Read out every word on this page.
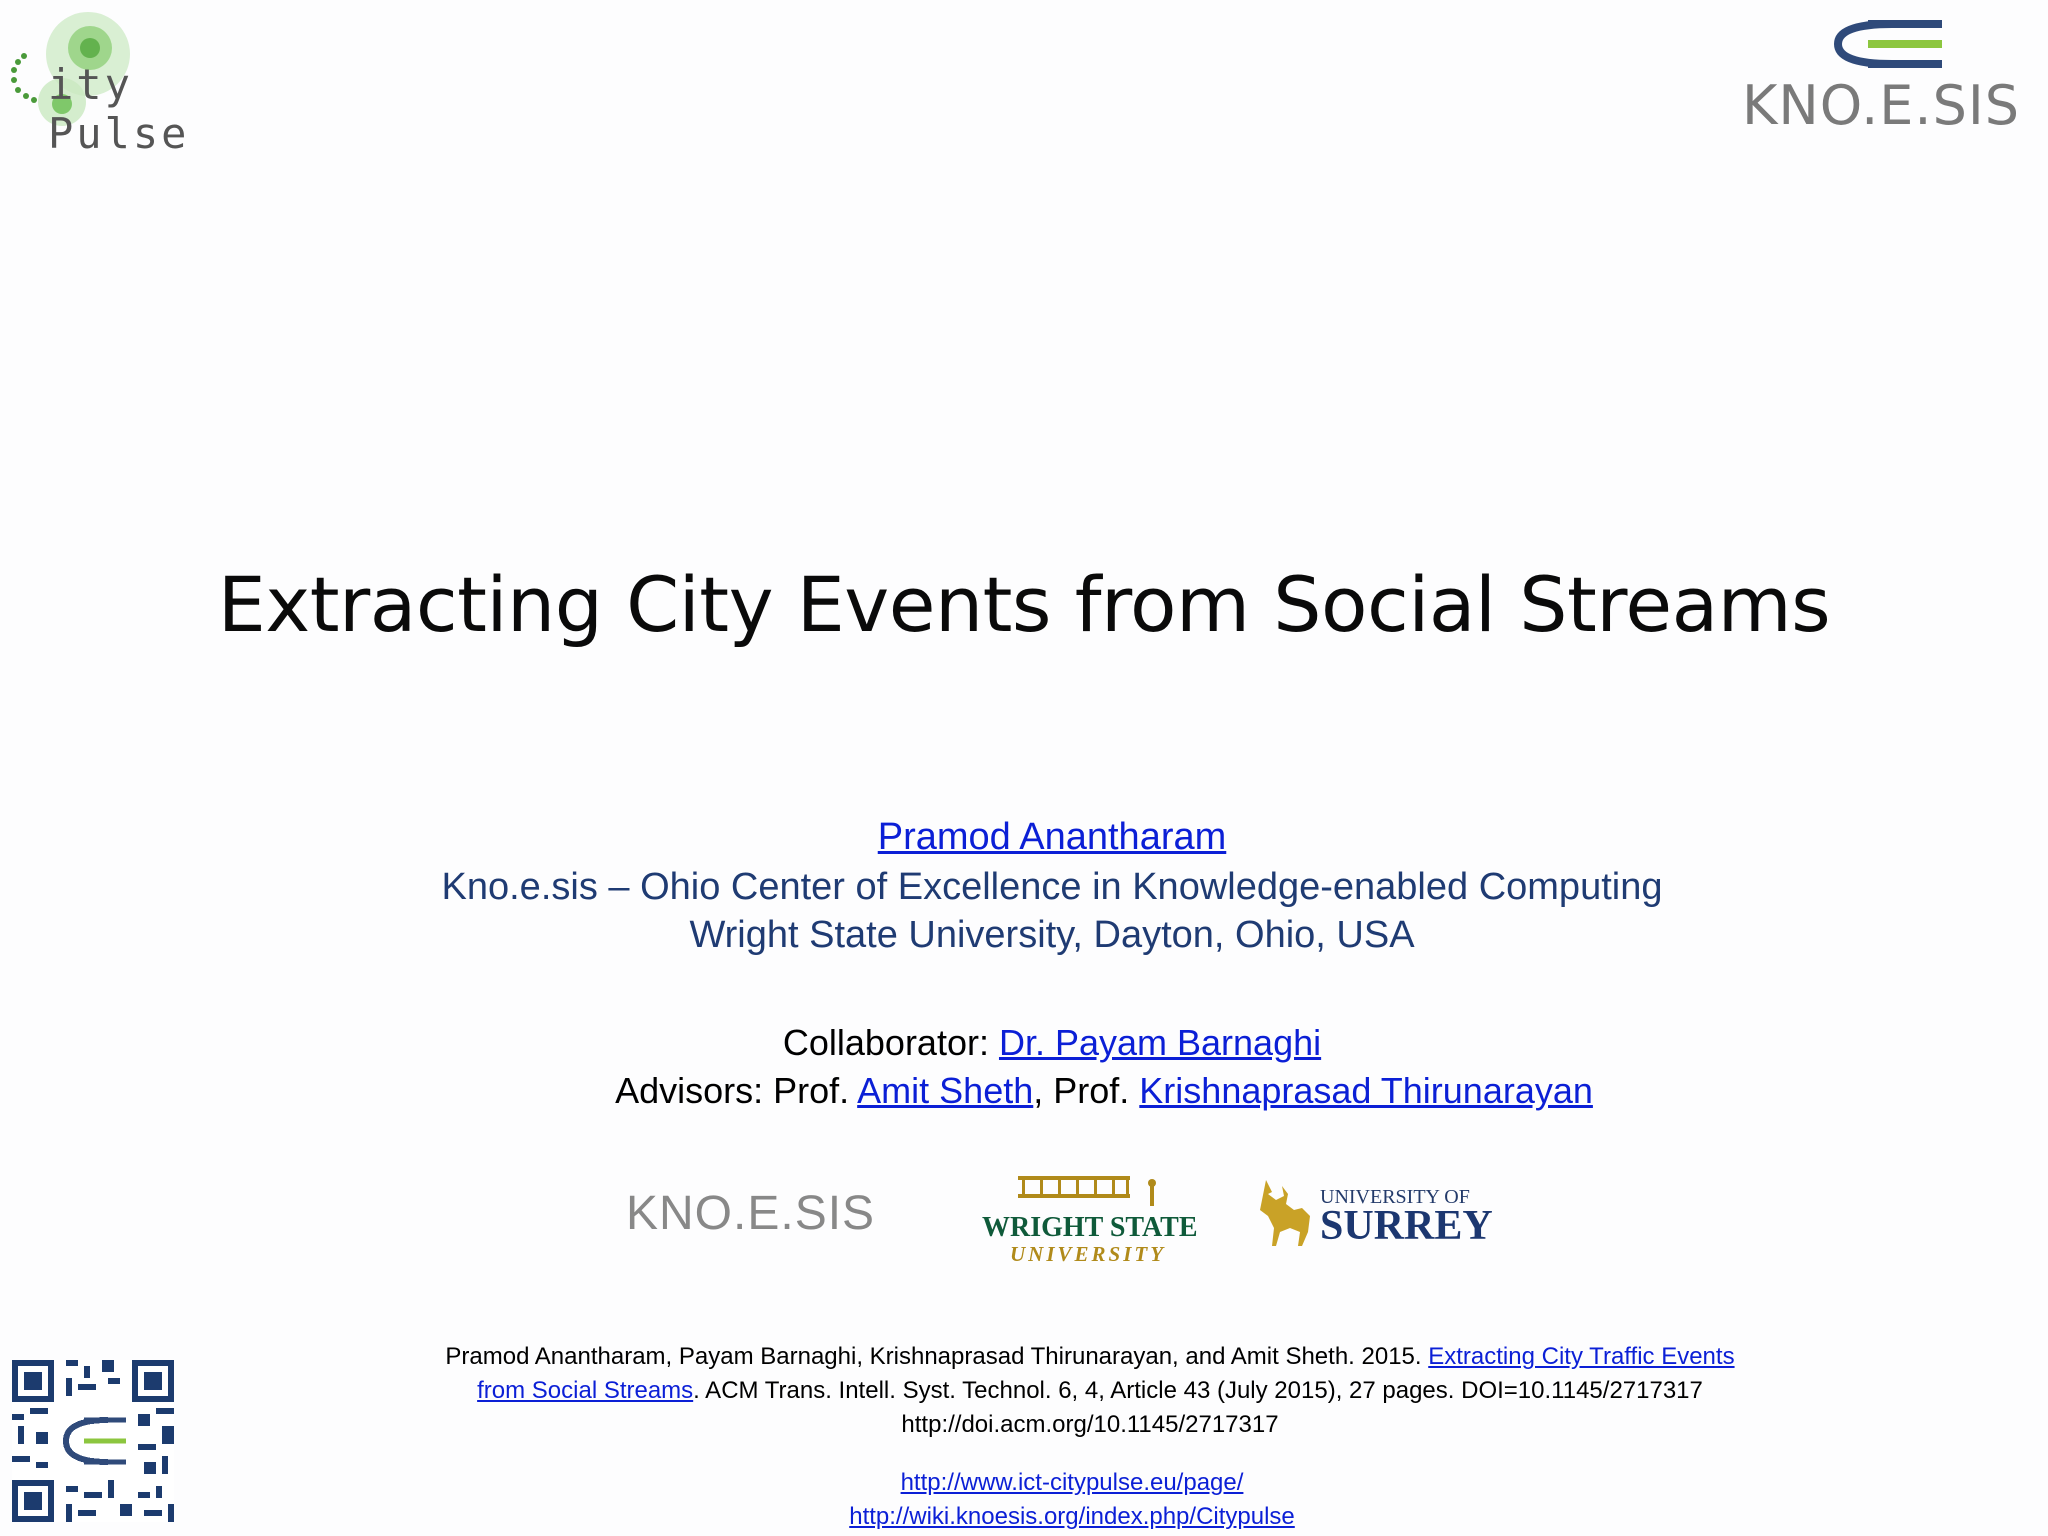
ity Pulse	KNO.E.SIS
Extracting City Events from Social Streams
Pramod Anantharam
Kno.e.sis – Ohio Center of Excellence in Knowledge-enabled Computing
Wright State University, Dayton, Ohio, USA
Collaborator: Dr. Payam Barnaghi
Advisors: Prof. Amit Sheth, Prof. Krishnaprasad Thirunarayan
KNO.E.SIS	WRIGHT STATE
UNIVERSITY
UNIVERSITY OF
SURREY
Pramod Anantharam, Payam Barnaghi, Krishnaprasad Thirunarayan, and Amit Sheth. 2015. Extracting City Traffic Events
from Social Streams. ACM Trans. Intell. Syst. Technol. 6, 4, Article 43 (July 2015), 27 pages. DOI=10.1145/2717317
http://doi.acm.org/10.1145/2717317
http://www.ict-citypulse.eu/page/
http://wiki.knoesis.org/index.php/Citypulse
